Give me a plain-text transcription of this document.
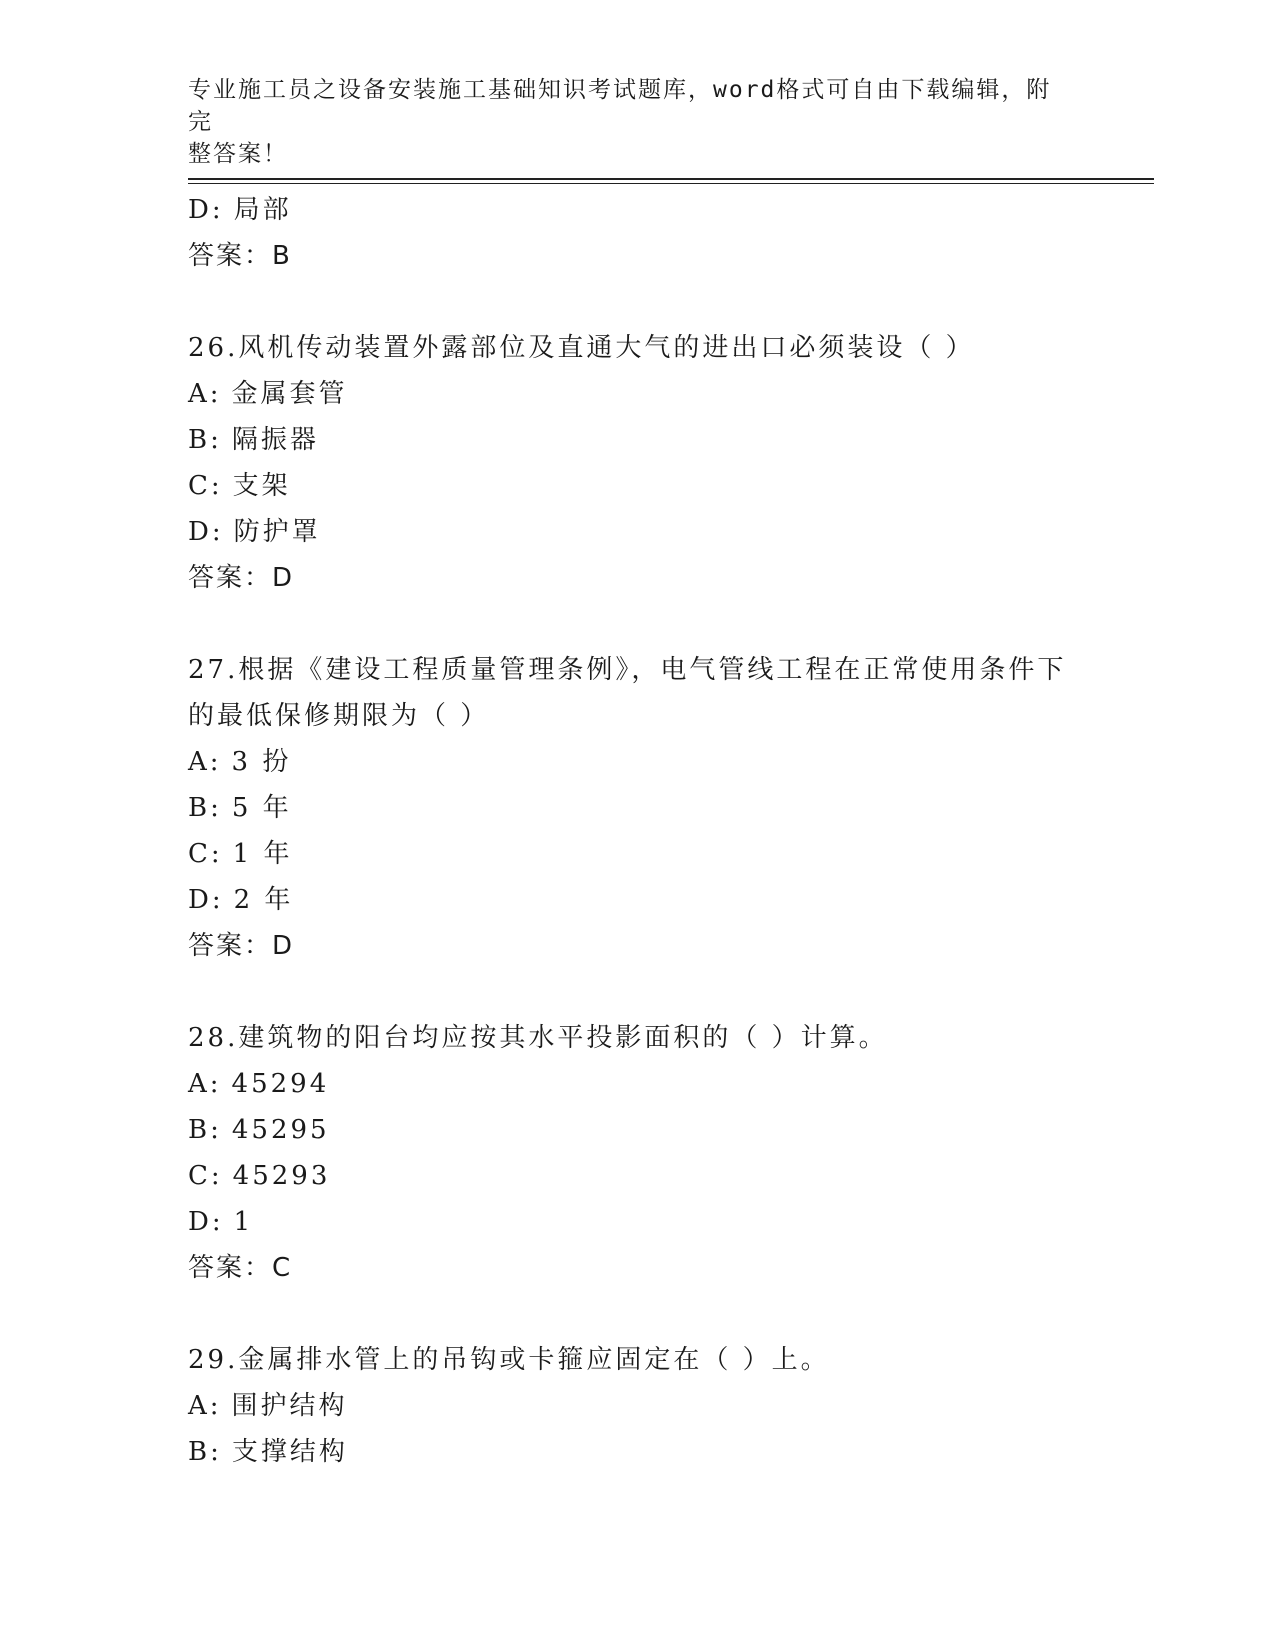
专业施工员之设备安装施工基础知识考试题库，word格式可自由下载编辑，附完
整答案！
D: 局部
答案：B
26.风机传动装置外露部位及直通大气的进出口必须装设（ ）
A: 金属套管
B: 隔振器
C: 支架
D: 防护罩
答案：D
27.根据《建设工程质量管理条例》，电气管线工程在正常使用条件下
的最低保修期限为（ ）
A: 3 扮
B: 5 年
C: 1 年
D: 2 年
答案：D
28.建筑物的阳台均应按其水平投影面积的（ ）计算。
A: 45294
B: 45295
C: 45293
D: 1
答案：C
29.金属排水管上的吊钩或卡箍应固定在（ ）上。
A: 围护结构
B: 支撑结构
